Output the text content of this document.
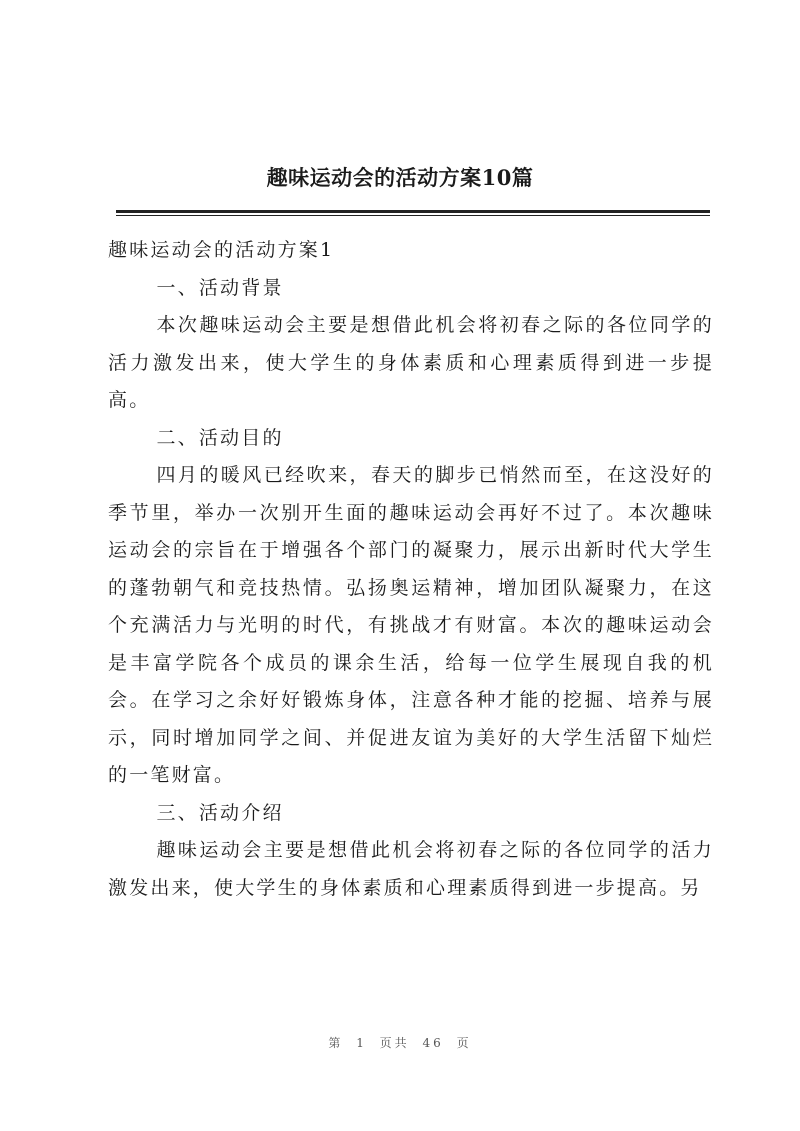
趣味运动会的活动方案10篇

趣味运动会的活动方案1

一、活动背景

本次趣味运动会主要是想借此机会将初春之际的各位同学的活力激发出来，使大学生的身体素质和心理素质得到进一步提高。

二、活动目的

四月的暖风已经吹来，春天的脚步已悄然而至，在这没好的季节里，举办一次别开生面的趣味运动会再好不过了。本次趣味运动会的宗旨在于增强各个部门的凝聚力，展示出新时代大学生的蓬勃朝气和竞技热情。弘扬奥运精神，增加团队凝聚力，在这个充满活力与光明的时代，有挑战才有财富。本次的趣味运动会是丰富学院各个成员的课余生活，给每一位学生展现自我的机会。在学习之余好好锻炼身体，注意各种才能的挖掘、培养与展示，同时增加同学之间、并促进友谊为美好的大学生活留下灿烂的一笔财富。

三、活动介绍

趣味运动会主要是想借此机会将初春之际的各位同学的活力激发出来，使大学生的身体素质和心理素质得到进一步提高。另

第 1 页共 46 页
